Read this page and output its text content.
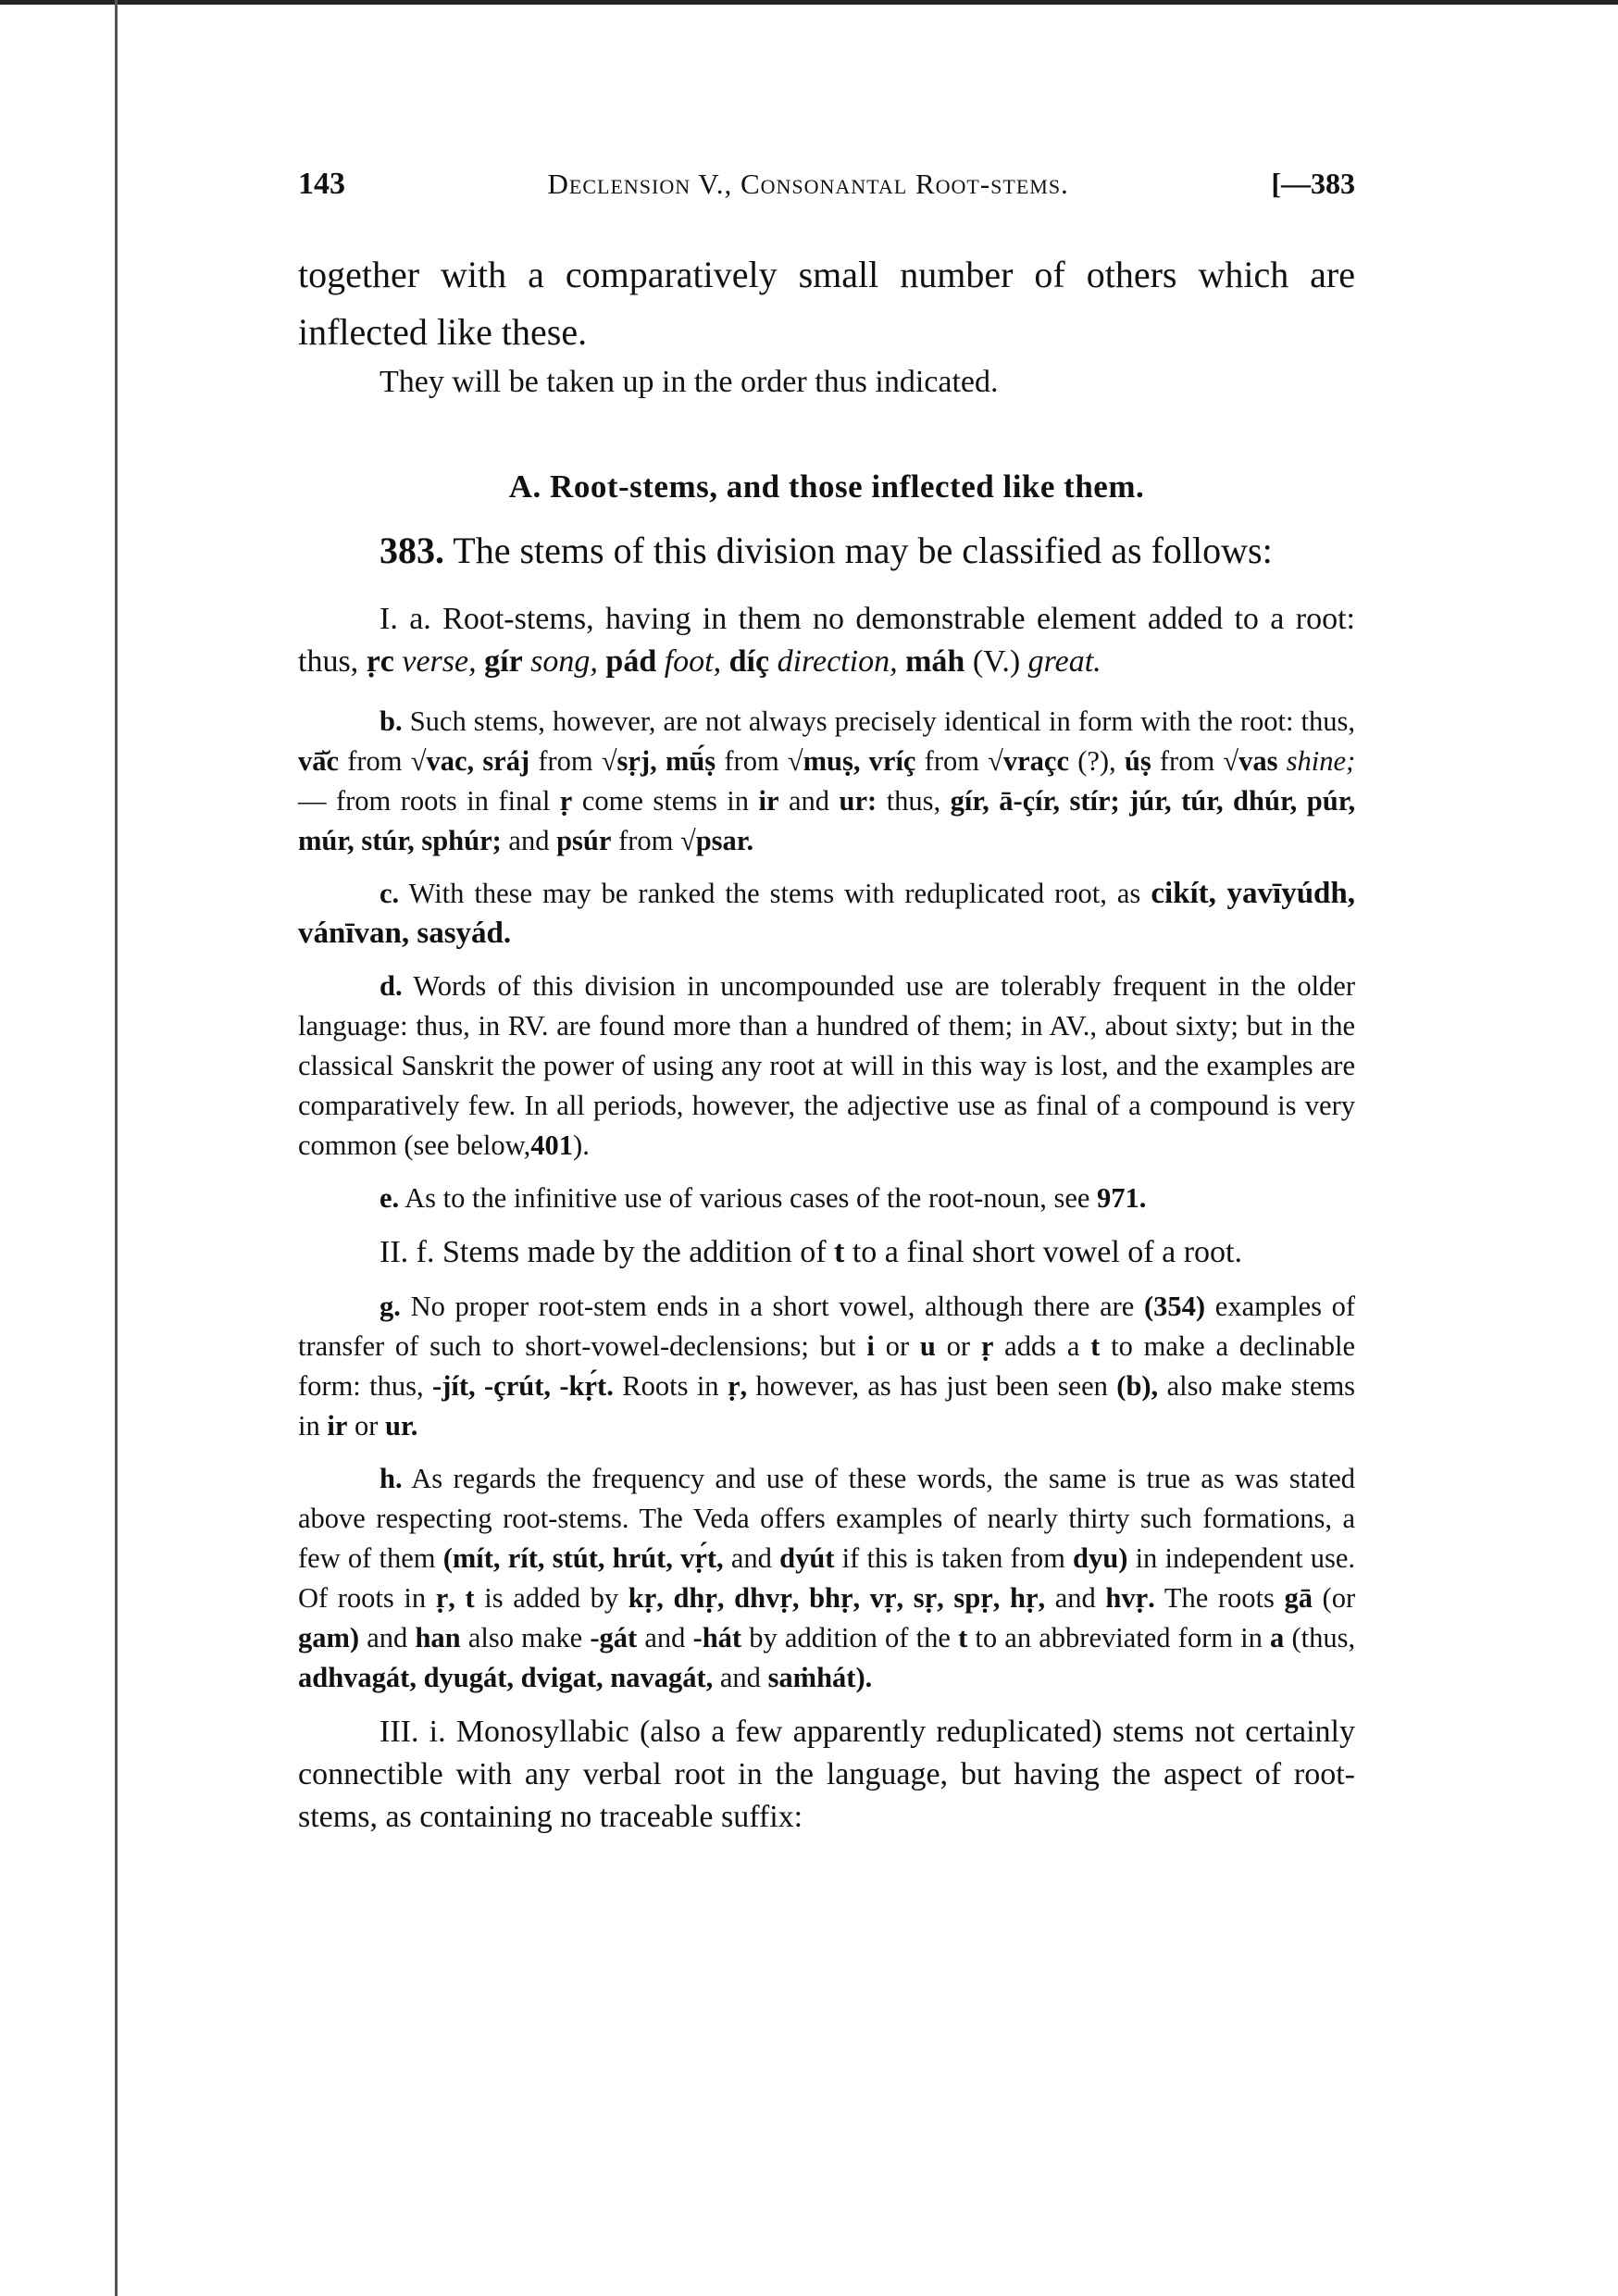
143	Declension V., Consonantal Root-stems.	[—383

together with a comparatively small number of others which are inflected like these.

They will be taken up in the order thus indicated.

A. Root-stems, and those inflected like them.

383. The stems of this division may be classified as follows:

I. a. Root-stems, having in them no demonstrable element added to a root: thus, ṛc verse, gír song, pád foot, díç direction, máh (V.) great.

b. Such stems, however, are not always precisely identical in form with the root: thus, vā̆c from √vac, sráj from √sṛj, mū́ṣ from √muṣ, vríç from √vraçc (?), úṣ from √vas shine; — from roots in final ṛ come stems in ir and ur: thus, gír, ā-çír, stír; júr, túr, dhúr, púr, múr, stúr, sphúr; and psúr from √psar.

c. With these may be ranked the stems with reduplicated root, as cikít, yavīyúdh, vánīvan, sasyád.

d. Words of this division in uncompounded use are tolerably frequent in the older language: thus, in RV. are found more than a hundred of them; in AV., about sixty; but in the classical Sanskrit the power of using any root at will in this way is lost, and the examples are comparatively few. In all periods, however, the adjective use as final of a compound is very common (see below,401).

e. As to the infinitive use of various cases of the root-noun, see 971.

II. f. Stems made by the addition of t to a final short vowel of a root.

g. No proper root-stem ends in a short vowel, although there are (354) examples of transfer of such to short-vowel-declensions; but i or u or ṛ adds a t to make a declinable form: thus, -jít, -çrút, -kṛ́t. Roots in ṛ, however, as has just been seen (b), also make stems in ir or ur.

h. As regards the frequency and use of these words, the same is true as was stated above respecting root-stems. The Veda offers examples of nearly thirty such formations, a few of them (mít, rít, stút, hrút, vṛ́t, and dyút if this is taken from dyu) in independent use. Of roots in ṛ, t is added by kṛ, dhṛ, dhvṛ, bhṛ, vṛ, sṛ, spṛ, hṛ, and hvṛ. The roots gā (or gam) and han also make -gát and -hát by addition of the t to an abbreviated form in a (thus, adhvagát, dyugát, dvigat, navagát, and saṁhát).

III. i. Monosyllabic (also a few apparently reduplicated) stems not certainly connectible with any verbal root in the language, but having the aspect of root-stems, as containing no traceable suffix:
